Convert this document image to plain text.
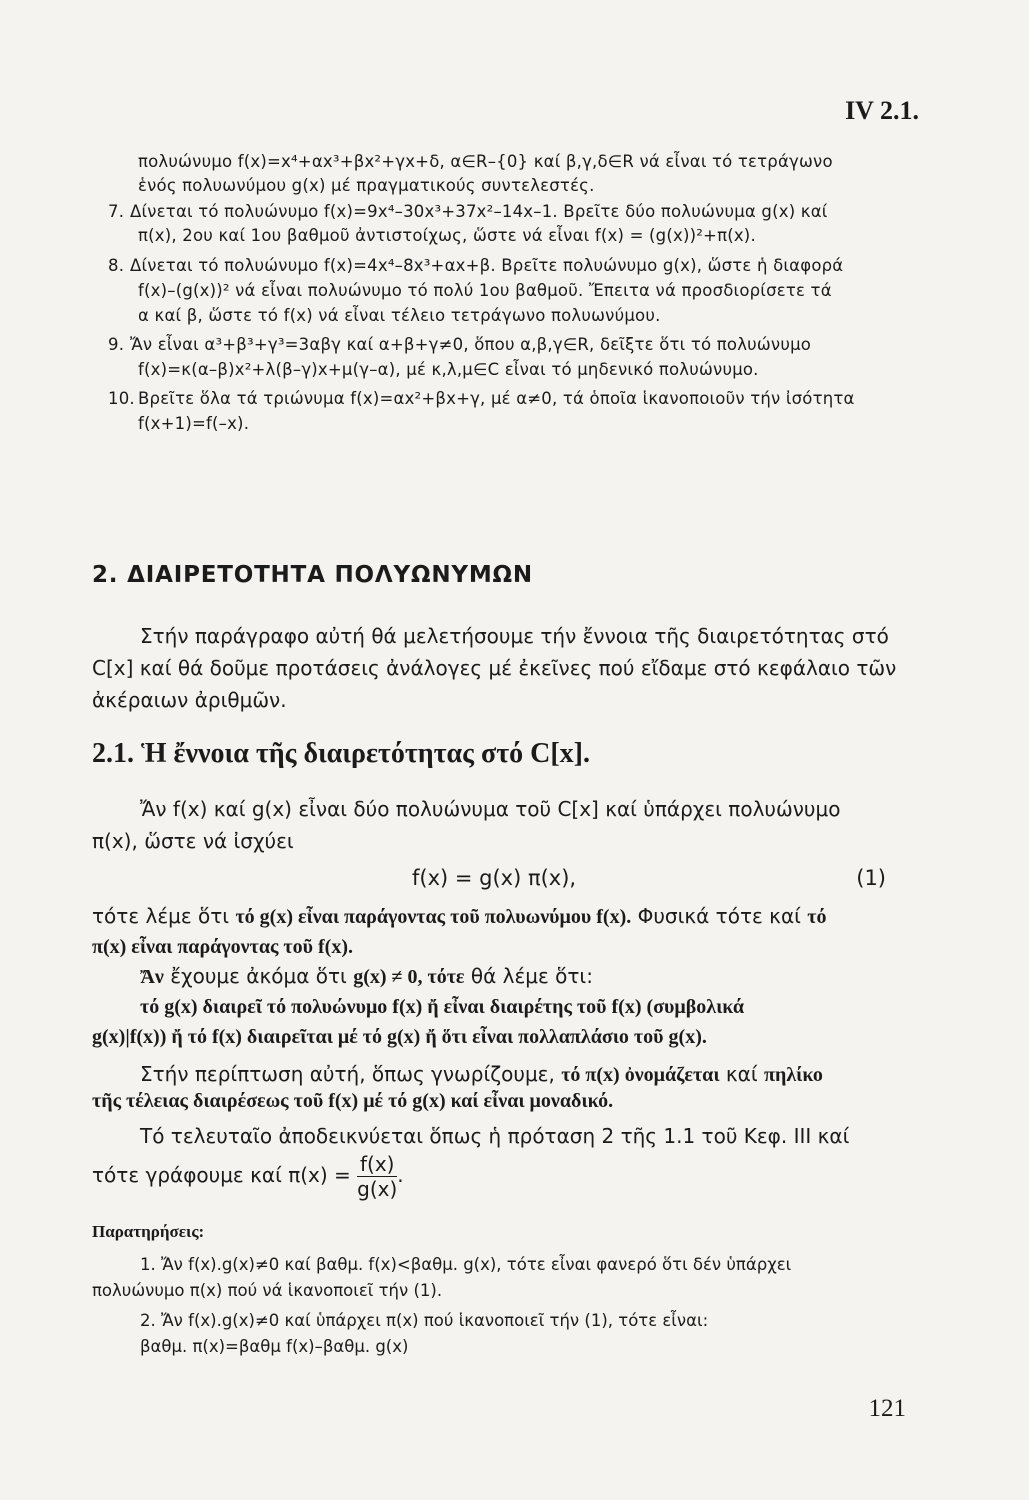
IV 2.1.
πολυώνυμο f(x)=x⁴+αx³+βx²+γx+δ, α∈R–{0} καί β,γ,δ∈R νά εἶναι τό τετράγωνο
ἑνός πολυωνύμου g(x) μέ πραγματικούς συντελεστές.
7. Δίνεται τό πολυώνυμο f(x)=9x⁴–30x³+37x²–14x–1. Βρεῖτε δύο πολυώνυμα g(x) καί
π(x), 2ου καί 1ου βαθμοῦ ἀντιστοίχως, ὥστε νά εἶναι f(x) = (g(x))²+π(x).
8. Δίνεται τό πολυώνυμο f(x)=4x⁴–8x³+αx+β. Βρεῖτε πολυώνυμο g(x), ὥστε ἡ διαφορά
f(x)–(g(x))² νά εἶναι πολυώνυμο τό πολύ 1ου βαθμοῦ. Ἔπειτα νά προσδιορίσετε τά
α καί β, ὥστε τό f(x) νά εἶναι τέλειο τετράγωνο πολυωνύμου.
9. Ἄν εἶναι α³+β³+γ³=3αβγ καί α+β+γ≠0, ὅπου α,β,γ∈R, δεῖξτε ὅτι τό πολυώνυμο
f(x)=κ(α–β)x²+λ(β–γ)x+μ(γ–α), μέ κ,λ,μ∈C εἶναι τό μηδενικό πολυώνυμο.
10. Βρεῖτε ὅλα τά τριώνυμα f(x)=αx²+βx+γ, μέ α≠0, τά ὁποῖα ἱκανοποιοῦν τήν ἰσότητα
f(x+1)=f(–x).
2. ΔΙΑΙΡΕΤΟΤΗΤΑ ΠΟΛΥΩΝΥΜΩΝ
Στήν παράγραφο αὐτή θά μελετήσουμε τήν ἔννοια τῆς διαιρετότητας στό
C[x] καί θά δοῦμε προτάσεις ἀνάλογες μέ ἐκεῖνες πού εἴδαμε στό κεφάλαιο τῶν
ἀκέραιων ἀριθμῶν.
2.1. Ἡ ἔννοια τῆς διαιρετότητας στό C[x].
Ἄν f(x) καί g(x) εἶναι δύο πολυώνυμα τοῦ C[x] καί ὑπάρχει πολυώνυμο
π(x), ὥστε νά ἰσχύει
f(x) = g(x) π(x),	(1)
τότε λέμε ὅτι τό g(x) εἶναι παράγοντας τοῦ πολυωνύμου f(x). Φυσικά τότε καί τό
π(x) εἶναι παράγοντας τοῦ f(x).
Ἄν ἔχουμε ἀκόμα ὅτι g(x) ≠ 0, τότε θά λέμε ὅτι:
τό g(x) διαιρεῖ τό πολυώνυμο f(x) ἤ εἶναι διαιρέτης τοῦ f(x) (συμβολικά
g(x)|f(x)) ἤ τό f(x) διαιρεῖται μέ τό g(x) ἤ ὅτι εἶναι πολλαπλάσιο τοῦ g(x).
Στήν περίπτωση αὐτή, ὅπως γνωρίζουμε, τό π(x) ὀνομάζεται καί πηλίκο
τῆς τέλειας διαιρέσεως τοῦ f(x) μέ τό g(x) καί εἶναι μοναδικό.
Τό τελευταῖο ἀποδεικνύεται ὅπως ἡ πρόταση 2 τῆς 1.1 τοῦ Κεφ. III καί
τότε γράφουμε καί $\pi(x) = \frac{f(x)}{g(x)}$ .
Παρατηρήσεις:
1. Ἄν f(x).g(x)≠0 καί βαθμ. f(x)<βαθμ. g(x), τότε εἶναι φανερό ὅτι δέν ὑπάρχει
πολυώνυμο π(x) πού νά ἱκανοποιεῖ τήν (1).
2. Ἄν f(x).g(x)≠0 καί ὑπάρχει π(x) πού ἱκανοποιεῖ τήν (1), τότε εἶναι:
βαθμ. π(x)=βαθμ f(x)–βαθμ. g(x)
121
